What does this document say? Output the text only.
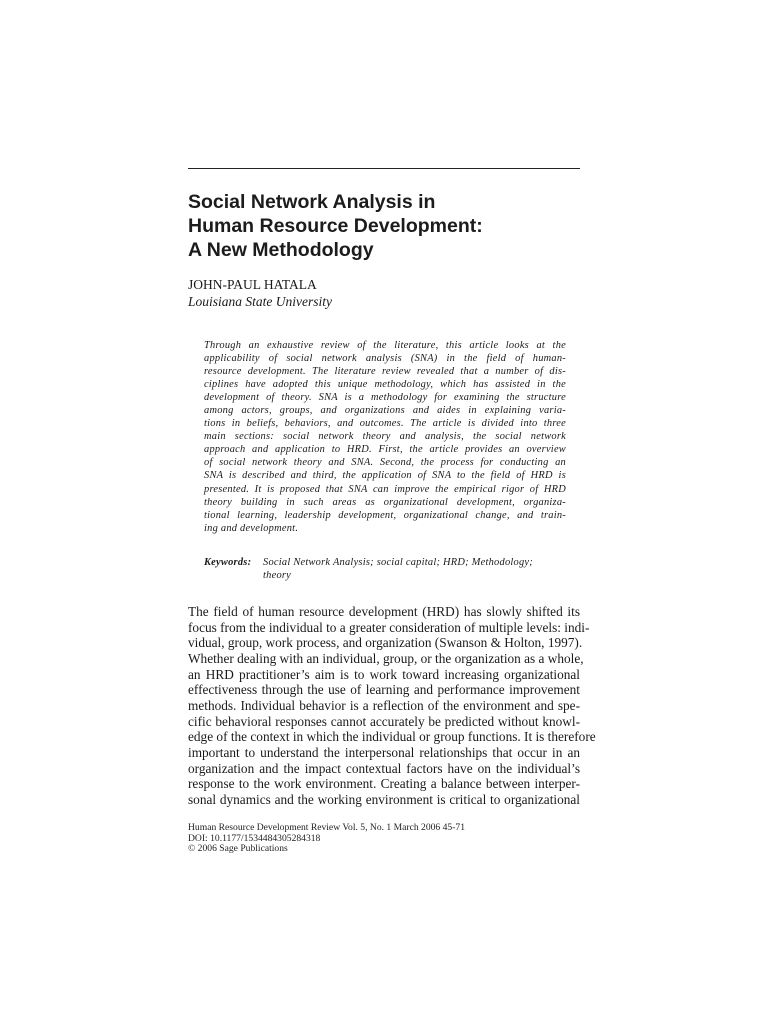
Social Network Analysis in
Human Resource Development:
A New Methodology
JOHN-PAUL HATALA
Louisiana State University
Through an exhaustive review of the literature, this article looks at the
applicability of social network analysis (SNA) in the field of human-
resource development. The literature review revealed that a number of dis-
ciplines have adopted this unique methodology, which has assisted in the
development of theory. SNA is a methodology for examining the structure
among actors, groups, and organizations and aides in explaining varia-
tions in beliefs, behaviors, and outcomes. The article is divided into three
main sections: social network theory and analysis, the social network
approach and application to HRD. First, the article provides an overview
of social network theory and SNA. Second, the process for conducting an
SNA is described and third, the application of SNA to the field of HRD is
presented. It is proposed that SNA can improve the empirical rigor of HRD
theory building in such areas as organizational development, organiza-
tional learning, leadership development, organizational change, and train-
ing and development.
Keywords: Social Network Analysis; social capital; HRD; Methodology;
theory
The field of human resource development (HRD) has slowly shifted its
focus from the individual to a greater consideration of multiple levels: indi-
vidual, group, work process, and organization (Swanson & Holton, 1997).
Whether dealing with an individual, group, or the organization as a whole,
an HRD practitioner’s aim is to work toward increasing organizational
effectiveness through the use of learning and performance improvement
methods. Individual behavior is a reflection of the environment and spe-
cific behavioral responses cannot accurately be predicted without knowl-
edge of the context in which the individual or group functions. It is therefore
important to understand the interpersonal relationships that occur in an
organization and the impact contextual factors have on the individual’s
response to the work environment. Creating a balance between interper-
sonal dynamics and the working environment is critical to organizational
Human Resource Development Review Vol. 5, No. 1 March 2006 45-71
DOI: 10.1177/1534484305284318
© 2006 Sage Publications
